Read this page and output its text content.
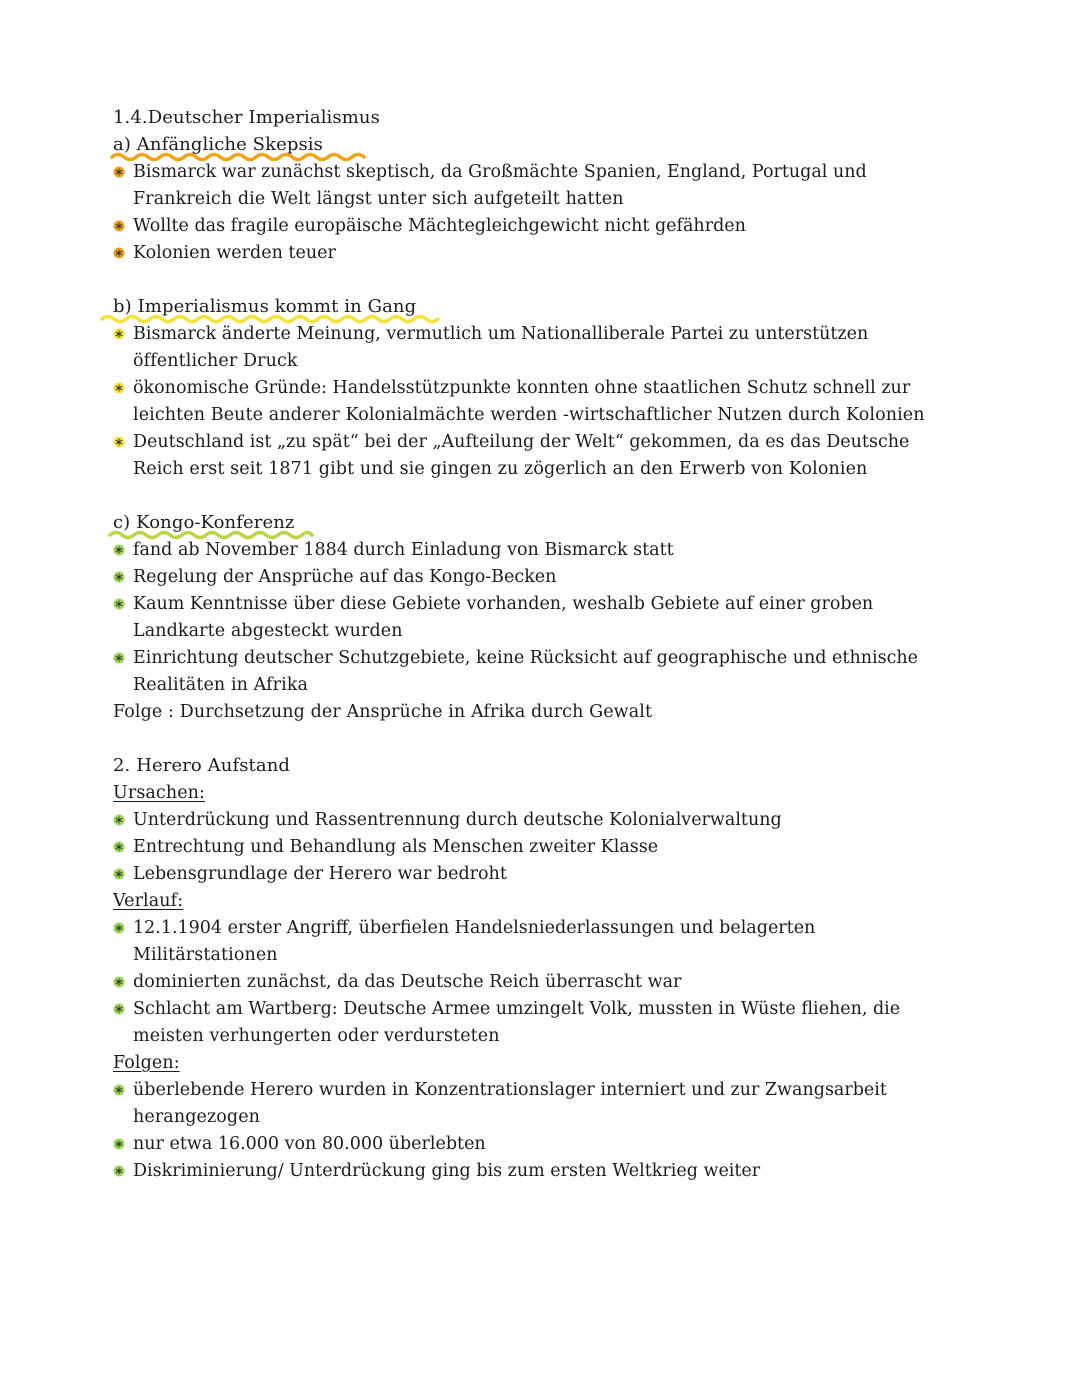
1.4.Deutscher Imperialismus
a) Anfängliche Skepsis
Bismarck war zunächst skeptisch, da Großmächte Spanien, England, Portugal und
Frankreich die Welt längst unter sich aufgeteilt hatten
Wollte das fragile europäische Mächtegleichgewicht nicht gefährden
Kolonien werden teuer
b) Imperialismus kommt in Gang
Bismarck änderte Meinung, vermutlich um Nationalliberale Partei zu unterstützen
öffentlicher Druck
ökonomische Gründe: Handelsstützpunkte konnten ohne staatlichen Schutz schnell zur
leichten Beute anderer Kolonialmächte werden -wirtschaftlicher Nutzen durch Kolonien
Deutschland ist „zu spät“ bei der „Aufteilung der Welt“ gekommen, da es das Deutsche
Reich erst seit 1871 gibt und sie gingen zu zögerlich an den Erwerb von Kolonien
c) Kongo-Konferenz
fand ab November 1884 durch Einladung von Bismarck statt
Regelung der Ansprüche auf das Kongo-Becken
Kaum Kenntnisse über diese Gebiete vorhanden, weshalb Gebiete auf einer groben
Landkarte abgesteckt wurden
Einrichtung deutscher Schutzgebiete, keine Rücksicht auf geographische und ethnische
Realitäten in Afrika
Folge : Durchsetzung der Ansprüche in Afrika durch Gewalt
2. Herero Aufstand
Ursachen:
Unterdrückung und Rassentrennung durch deutsche Kolonialverwaltung
Entrechtung und Behandlung als Menschen zweiter Klasse
Lebensgrundlage der Herero war bedroht
Verlauf:
12.1.1904 erster Angriff, überfielen Handelsniederlassungen und belagerten
Militärstationen
dominierten zunächst, da das Deutsche Reich überrascht war
Schlacht am Wartberg: Deutsche Armee umzingelt Volk, mussten in Wüste fliehen, die
meisten verhungerten oder verdursteten
Folgen:
überlebende Herero wurden in Konzentrationslager interniert und zur Zwangsarbeit
herangezogen
nur etwa 16.000 von 80.000 überlebten
Diskriminierung/ Unterdrückung ging bis zum ersten Weltkrieg weiter
